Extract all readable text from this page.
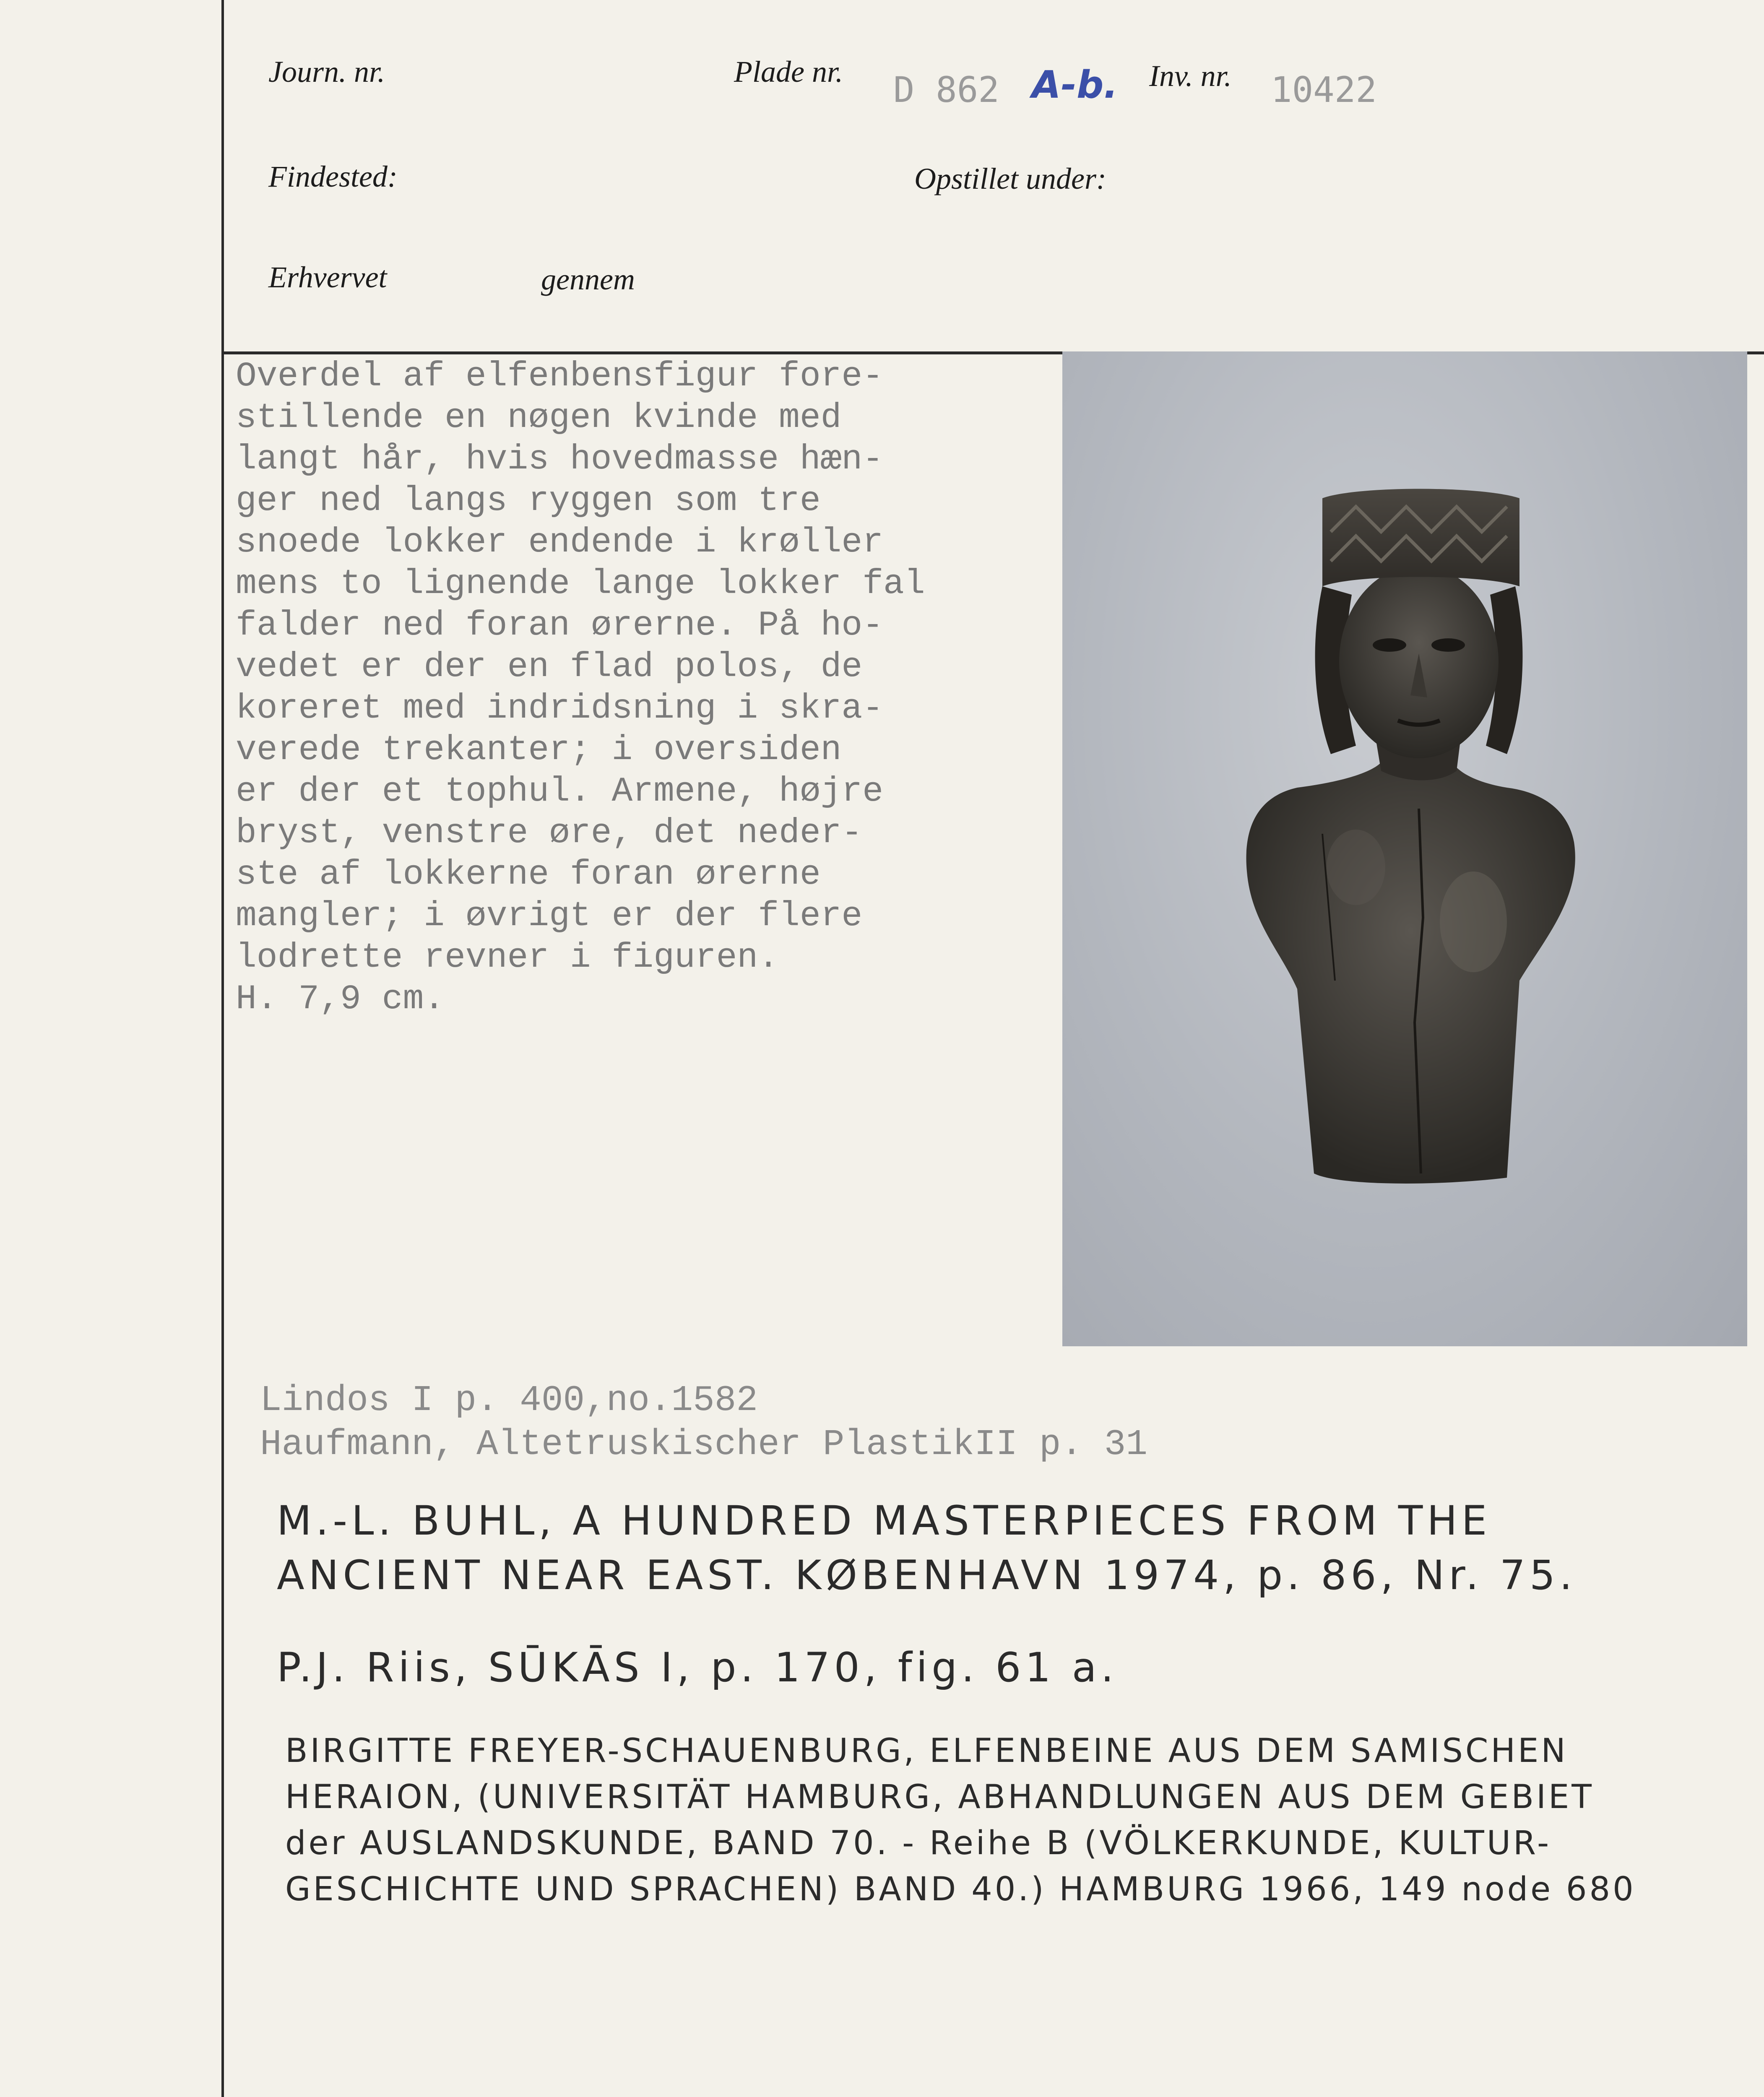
Journ. nr.	Plade nr. D 862 A-b. Inv. nr. 10422
Findested:	Opstillet under:
Erhvervet	gennem
Overdel af elfenbensfigur fore-
stillende en nøgen kvinde med
langt hår, hvis hovedmasse hæn-
ger ned langs ryggen som tre
snoede lokker endende i krøller
mens to lignende lange lokker fal
falder ned foran ørerne. På ho-
vedet er der en flad polos, de
koreret med indridsning i skra-
verede trekanter; i oversiden
er der et tophul. Armene, højre
bryst, venstre øre, det neder-
ste af lokkerne foran ørerne
mangler; i øvrigt er der flere
lodrette revner i figuren.
H. 7,9 cm.
Lindos I p. 400,no.1582
Haufmann, Altetruskischer PlastikII p. 31
M.-L. BUHL, A HUNDRED MASTERPIECES FROM THE
ANCIENT NEAR EAST. KØBENHAVN 1974, p. 86, Nr. 75.
P.J. Riis, SŪKĀS I, p. 170, fig. 61 a.
BIRGITTE FREYER-SCHAUENBURG, ELFENBEINE AUS DEM SAMISCHEN
HERAION, (UNIVERSITÄT HAMBURG, ABHANDLUNGEN AUS DEM GEBIET
der AUSLANDSKUNDE, BAND 70. - Reihe B (VÖLKERKUNDE, KULTUR-
GESCHICHTE UND SPRACHEN) BAND 40.) HAMBURG 1966, 149 node 680
